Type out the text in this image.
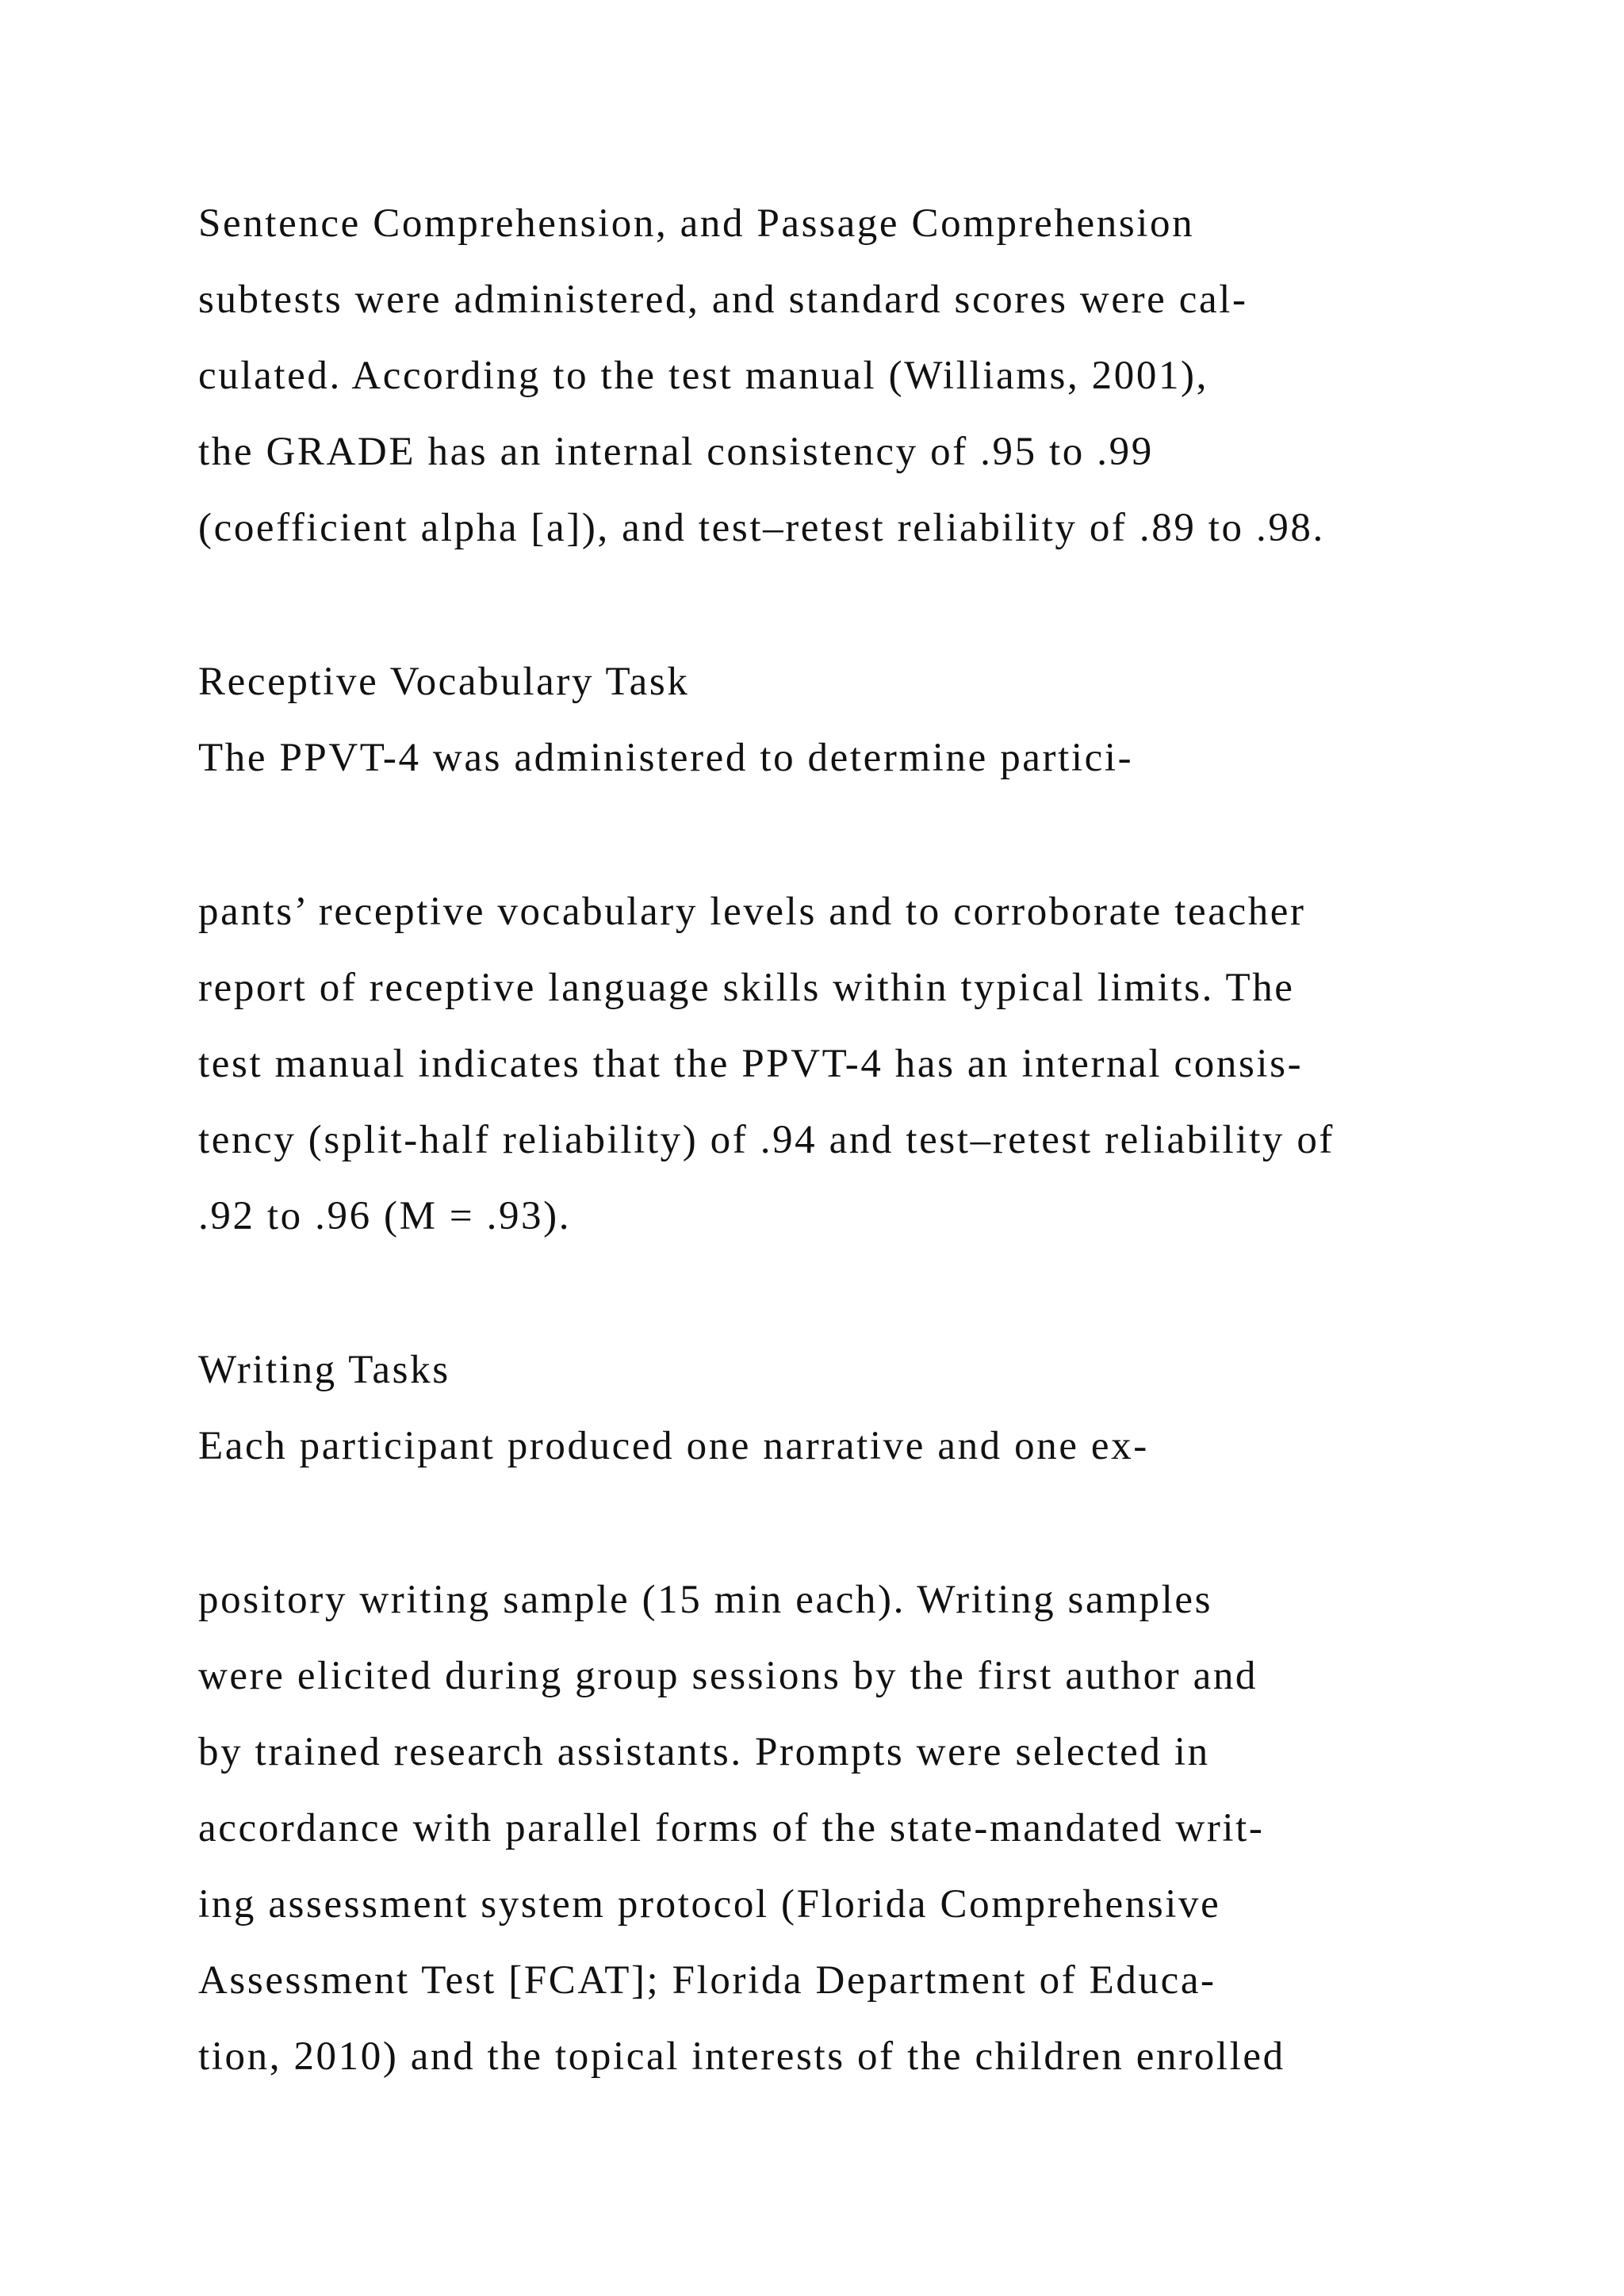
Sentence Comprehension, and Passage Comprehension

subtests were administered, and standard scores were cal-

culated. According to the test manual (Williams, 2001),

the GRADE has an internal consistency of .95 to .99

(coefficient alpha [a]), and test–retest reliability of .89 to .98.

Receptive Vocabulary Task

The PPVT-4 was administered to determine partici-

pants’ receptive vocabulary levels and to corroborate teacher

report of receptive language skills within typical limits. The

test manual indicates that the PPVT-4 has an internal consis-

tency (split-half reliability) of .94 and test–retest reliability of

.92 to .96 (M = .93).

Writing Tasks

Each participant produced one narrative and one ex-

pository writing sample (15 min each). Writing samples

were elicited during group sessions by the first author and

by trained research assistants. Prompts were selected in

accordance with parallel forms of the state-mandated writ-

ing assessment system protocol (Florida Comprehensive

Assessment Test [FCAT]; Florida Department of Educa-

tion, 2010) and the topical interests of the children enrolled
